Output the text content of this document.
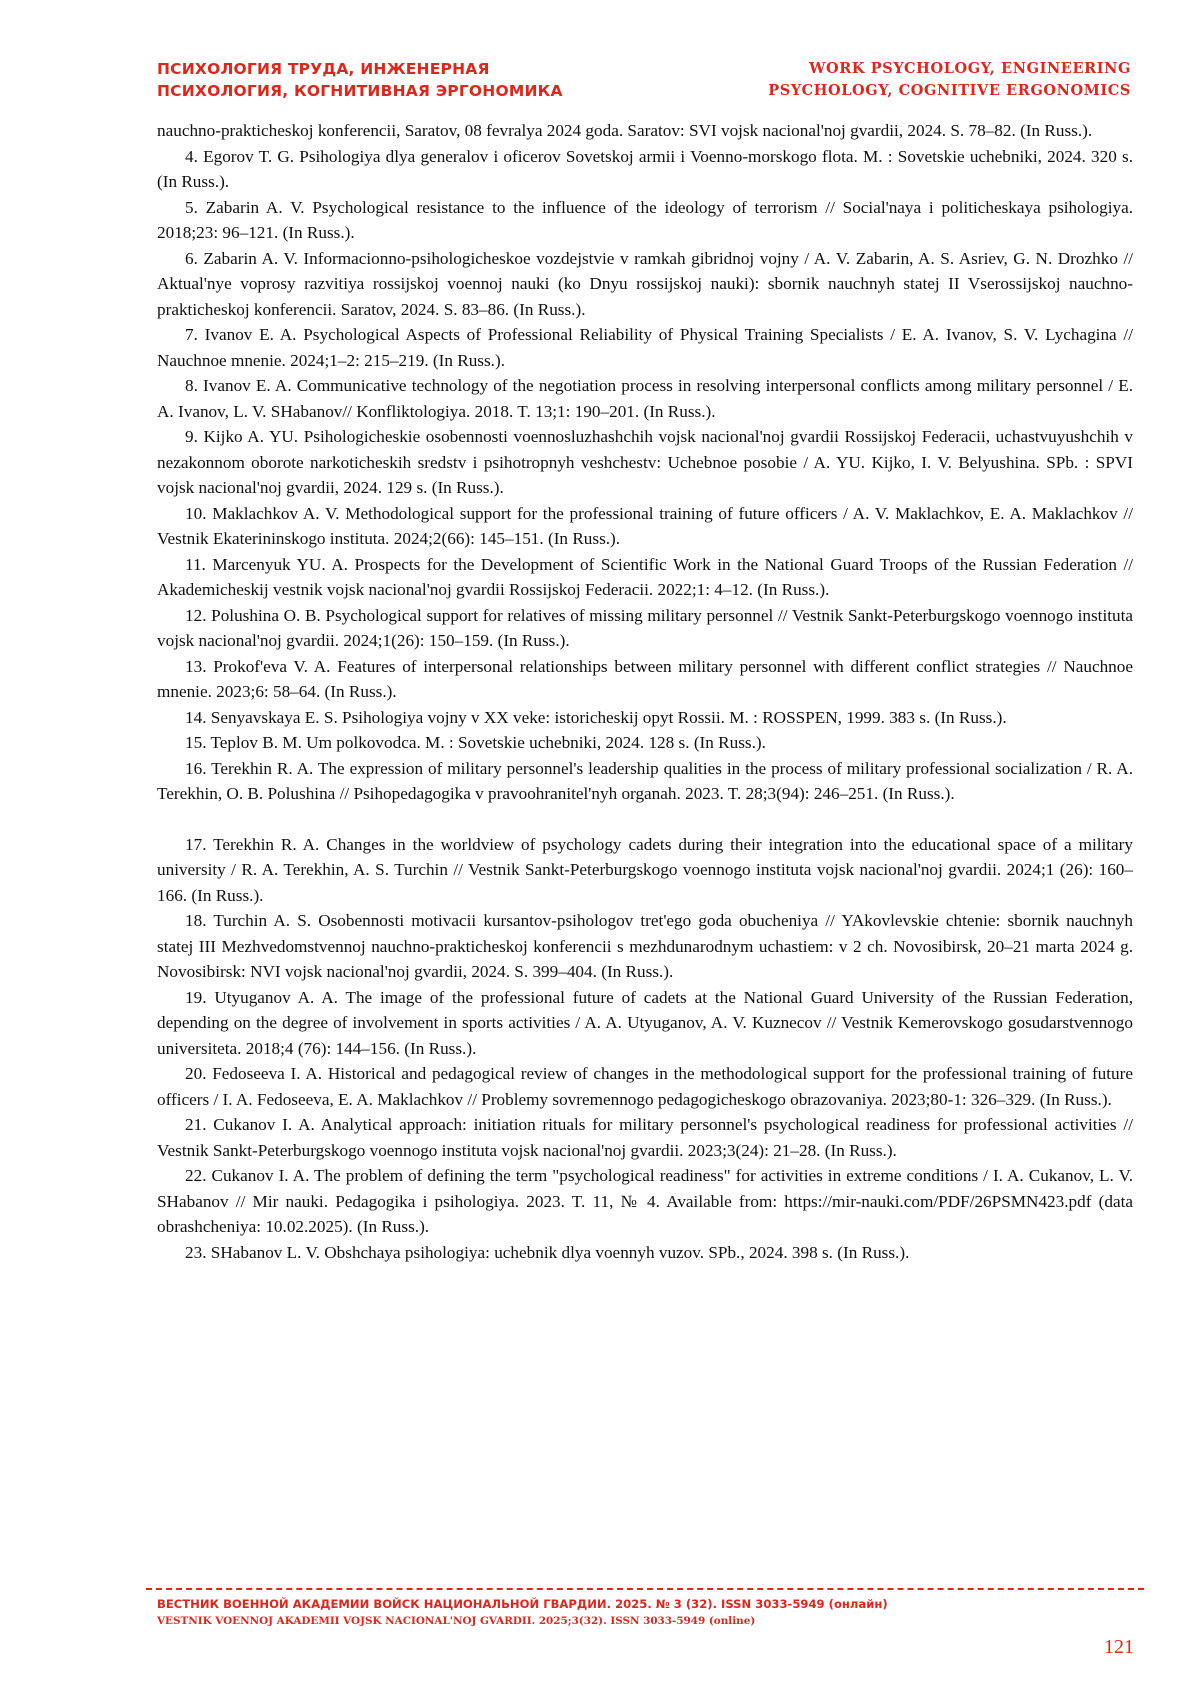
ПСИХОЛОГИЯ ТРУДА, ИНЖЕНЕРНАЯ
ПСИХОЛОГИЯ, КОГНИТИВНАЯ ЭРГОНОМИКА
WORK PSYCHOLOGY, ENGINEERING
PSYCHOLOGY, COGNITIVE ERGONOMICS

nauchno-prakticheskoj konferencii, Saratov, 08 fevralya 2024 goda. Saratov: SVI vojsk nacional'noj gvardii, 2024. S. 78–82. (In Russ.).

4. Egorov T. G. Psihologiya dlya generalov i oficerov Sovetskoj armii i Voenno-morskogo flota. M. : Sovetskie uchebniki, 2024. 320 s. (In Russ.).

5. Zabarin A. V. Psychological resistance to the influence of the ideology of terrorism // Social'naya i politicheskaya psihologiya. 2018;23: 96–121. (In Russ.).

6. Zabarin A. V. Informacionno-psihologicheskoe vozdejstvie v ramkah gibridnoj vojny / A. V. Zabarin, A. S. Asriev, G. N. Drozhko // Aktual'nye voprosy razvitiya rossijskoj voennoj nauki (ko Dnyu rossijskoj nauki): sbornik nauchnyh statej II Vserossijskoj nauchno-prakticheskoj konferencii. Saratov, 2024. S. 83–86. (In Russ.).

7. Ivanov E. A. Psychological Aspects of Professional Reliability of Physical Training Specialists / E. A. Ivanov, S. V. Lychagina // Nauchnoe mnenie. 2024;1–2: 215–219. (In Russ.).

8. Ivanov E. A. Communicative technology of the negotiation process in resolving interpersonal conflicts among military personnel / E. A. Ivanov, L. V. SHabanov// Konfliktologiya. 2018. T. 13;1: 190–201. (In Russ.).

9. Kijko A. YU. Psihologicheskie osobennosti voennosluzhashchih vojsk nacional'noj gvardii Rossijskoj Federacii, uchastvuyushchih v nezakonnom oborote narkoticheskih sredstv i psihotropnyh veshchestv: Uchebnoe posobie / A. YU. Kijko, I. V. Belyushina. SPb. : SPVI vojsk nacional'noj gvardii, 2024. 129 s. (In Russ.).

10. Maklachkov A. V. Methodological support for the professional training of future officers / A. V. Maklachkov, E. A. Maklachkov // Vestnik Ekaterininskogo instituta. 2024;2(66): 145–151. (In Russ.).

11. Marcenyuk YU. A. Prospects for the Development of Scientific Work in the National Guard Troops of the Russian Federation // Akademicheskij vestnik vojsk nacional'noj gvardii Rossijskoj Federacii. 2022;1: 4–12. (In Russ.).

12. Polushina O. B. Psychological support for relatives of missing military personnel // Vestnik Sankt-Peterburgskogo voennogo instituta vojsk nacional'noj gvardii. 2024;1(26): 150–159. (In Russ.).

13. Prokof'eva V. A. Features of interpersonal relationships between military personnel with different conflict strategies // Nauchnoe mnenie. 2023;6: 58–64. (In Russ.).

14. Senyavskaya E. S. Psihologiya vojny v XX veke: istoricheskij opyt Rossii. M. : ROSSPEN, 1999. 383 s. (In Russ.).

15. Teplov B. M. Um polkovodca. M. : Sovetskie uchebniki, 2024. 128 s. (In Russ.).

16. Terekhin R. A. The expression of military personnel's leadership qualities in the process of military professional socialization / R. A. Terekhin, O. B. Polushina // Psihopedagogika v pravoohranitel'nyh organah. 2023. T. 28;3(94): 246–251. (In Russ.).

17. Terekhin R. A. Changes in the worldview of psychology cadets during their integration into the educational space of a military university / R. A. Terekhin, A. S. Turchin // Vestnik Sankt-Peterburgskogo voennogo instituta vojsk nacional'noj gvardii. 2024;1 (26): 160–166. (In Russ.).

18. Turchin A. S. Osobennosti motivacii kursantov-psihologov tret'ego goda obucheniya // YAkovlevskie chteniе: sbornik nauchnyh statej III Mezhvedomstvennoj nauchno-prakticheskoj konferencii s mezhdunarodnym uchastiem: v 2 ch. Novosibirsk, 20–21 marta 2024 g. Novosibirsk: NVI vojsk nacional'noj gvardii, 2024. S. 399–404. (In Russ.).

19. Utyuganov A. A. The image of the professional future of cadets at the National Guard University of the Russian Federation, depending on the degree of involvement in sports activities / A. A. Utyuganov, A. V. Kuznecov // Vestnik Kemerovskogo gosudarstvennogo universiteta. 2018;4 (76): 144–156. (In Russ.).

20. Fedoseeva I. A. Historical and pedagogical review of changes in the methodological support for the professional training of future officers / I. A. Fedoseeva, E. A. Maklachkov // Problemy sovremennogo pedagogicheskogo obrazovaniya. 2023;80-1: 326–329. (In Russ.).

21. Cukanov I. A. Analytical approach: initiation rituals for military personnel's psychological readiness for professional activities // Vestnik Sankt-Peterburgskogo voennogo instituta vojsk nacional'noj gvardii. 2023;3(24): 21–28. (In Russ.).

22. Cukanov I. A. The problem of defining the term "psychological readiness" for activities in extreme conditions / I. A. Cukanov, L. V. SHabanov // Mir nauki. Pedagogika i psihologiya. 2023. T. 11, № 4. Available from: https://mir-nauki.com/PDF/26PSMN423.pdf (data obrashcheniya: 10.02.2025). (In Russ.).

23. SHabanov L. V. Obshchaya psihologiya: uchebnik dlya voennyh vuzov. SPb., 2024. 398 s. (In Russ.).

ВЕСТНИК ВОЕННОЙ АКАДЕМИИ ВОЙСК НАЦИОНАЛЬНОЙ ГВАРДИИ. 2025. № 3 (32). ISSN 3033-5949 (онлайн)
VESTNIK VOENNOJ AKADEMII VOJSK NACIONAL'NOJ GVARDII. 2025;3(32). ISSN 3033-5949 (online)
121
